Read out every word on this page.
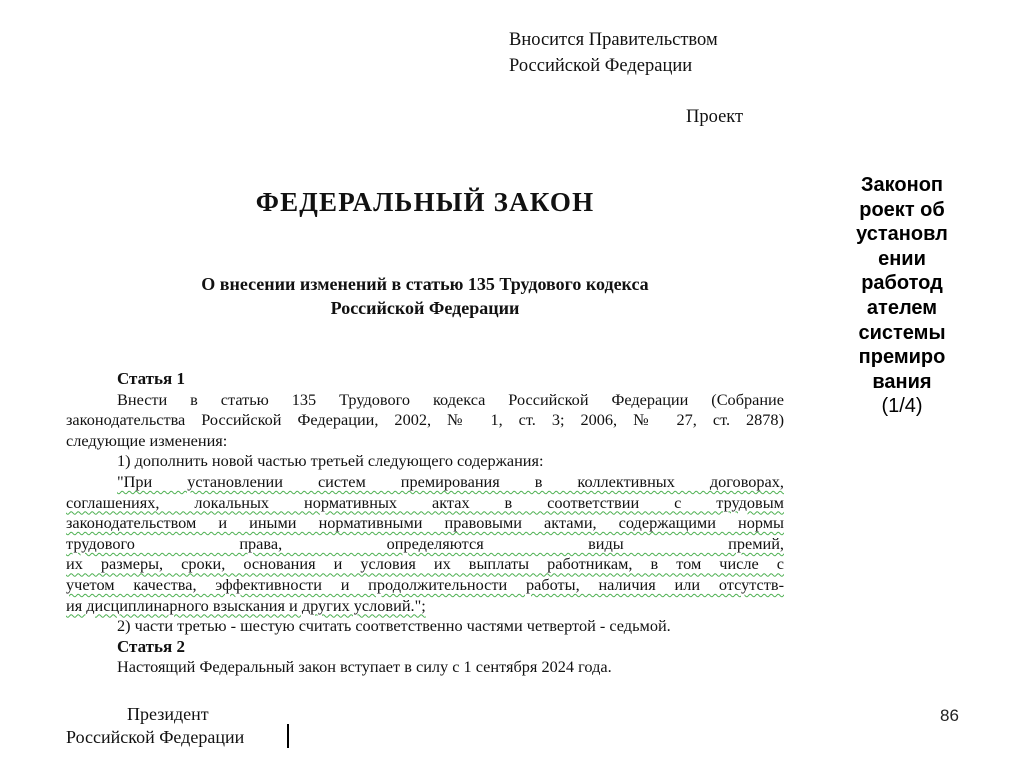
Вносится Правительством
Российской Федерации
Проект
ФЕДЕРАЛЬНЫЙ ЗАКОН
О внесении изменений в статью 135 Трудового кодекса
Российской Федерации
Статья 1
Внести в статью 135 Трудового кодекса Российской Федерации (Собрание
законодательства Российской Федерации, 2002, № 1, ст. 3; 2006, № 27, ст. 2878)
следующие изменения:
1) дополнить новой частью третьей следующего содержания:
"При установлении систем премирования в коллективных договорах,
соглашениях, локальных нормативных актах в соответствии с трудовым
законодательством и иными нормативными правовыми актами, содержащими нормы
трудового права, определяются виды премий,
их размеры, сроки, основания и условия их выплаты работникам, в том числе с
учетом качества, эффективности и продолжительности работы, наличия или отсутств-
ия дисциплинарного взыскания и других условий.";
2) части третью - шестую считать соответственно частями четвертой - седьмой.
Статья 2
Настоящий Федеральный закон вступает в силу с 1 сентября 2024 года.
Президент
Российской Федерации
Законоп
роект об
установл
ении
работод
ателем
системы
премиро
вания
(1/4)
86
